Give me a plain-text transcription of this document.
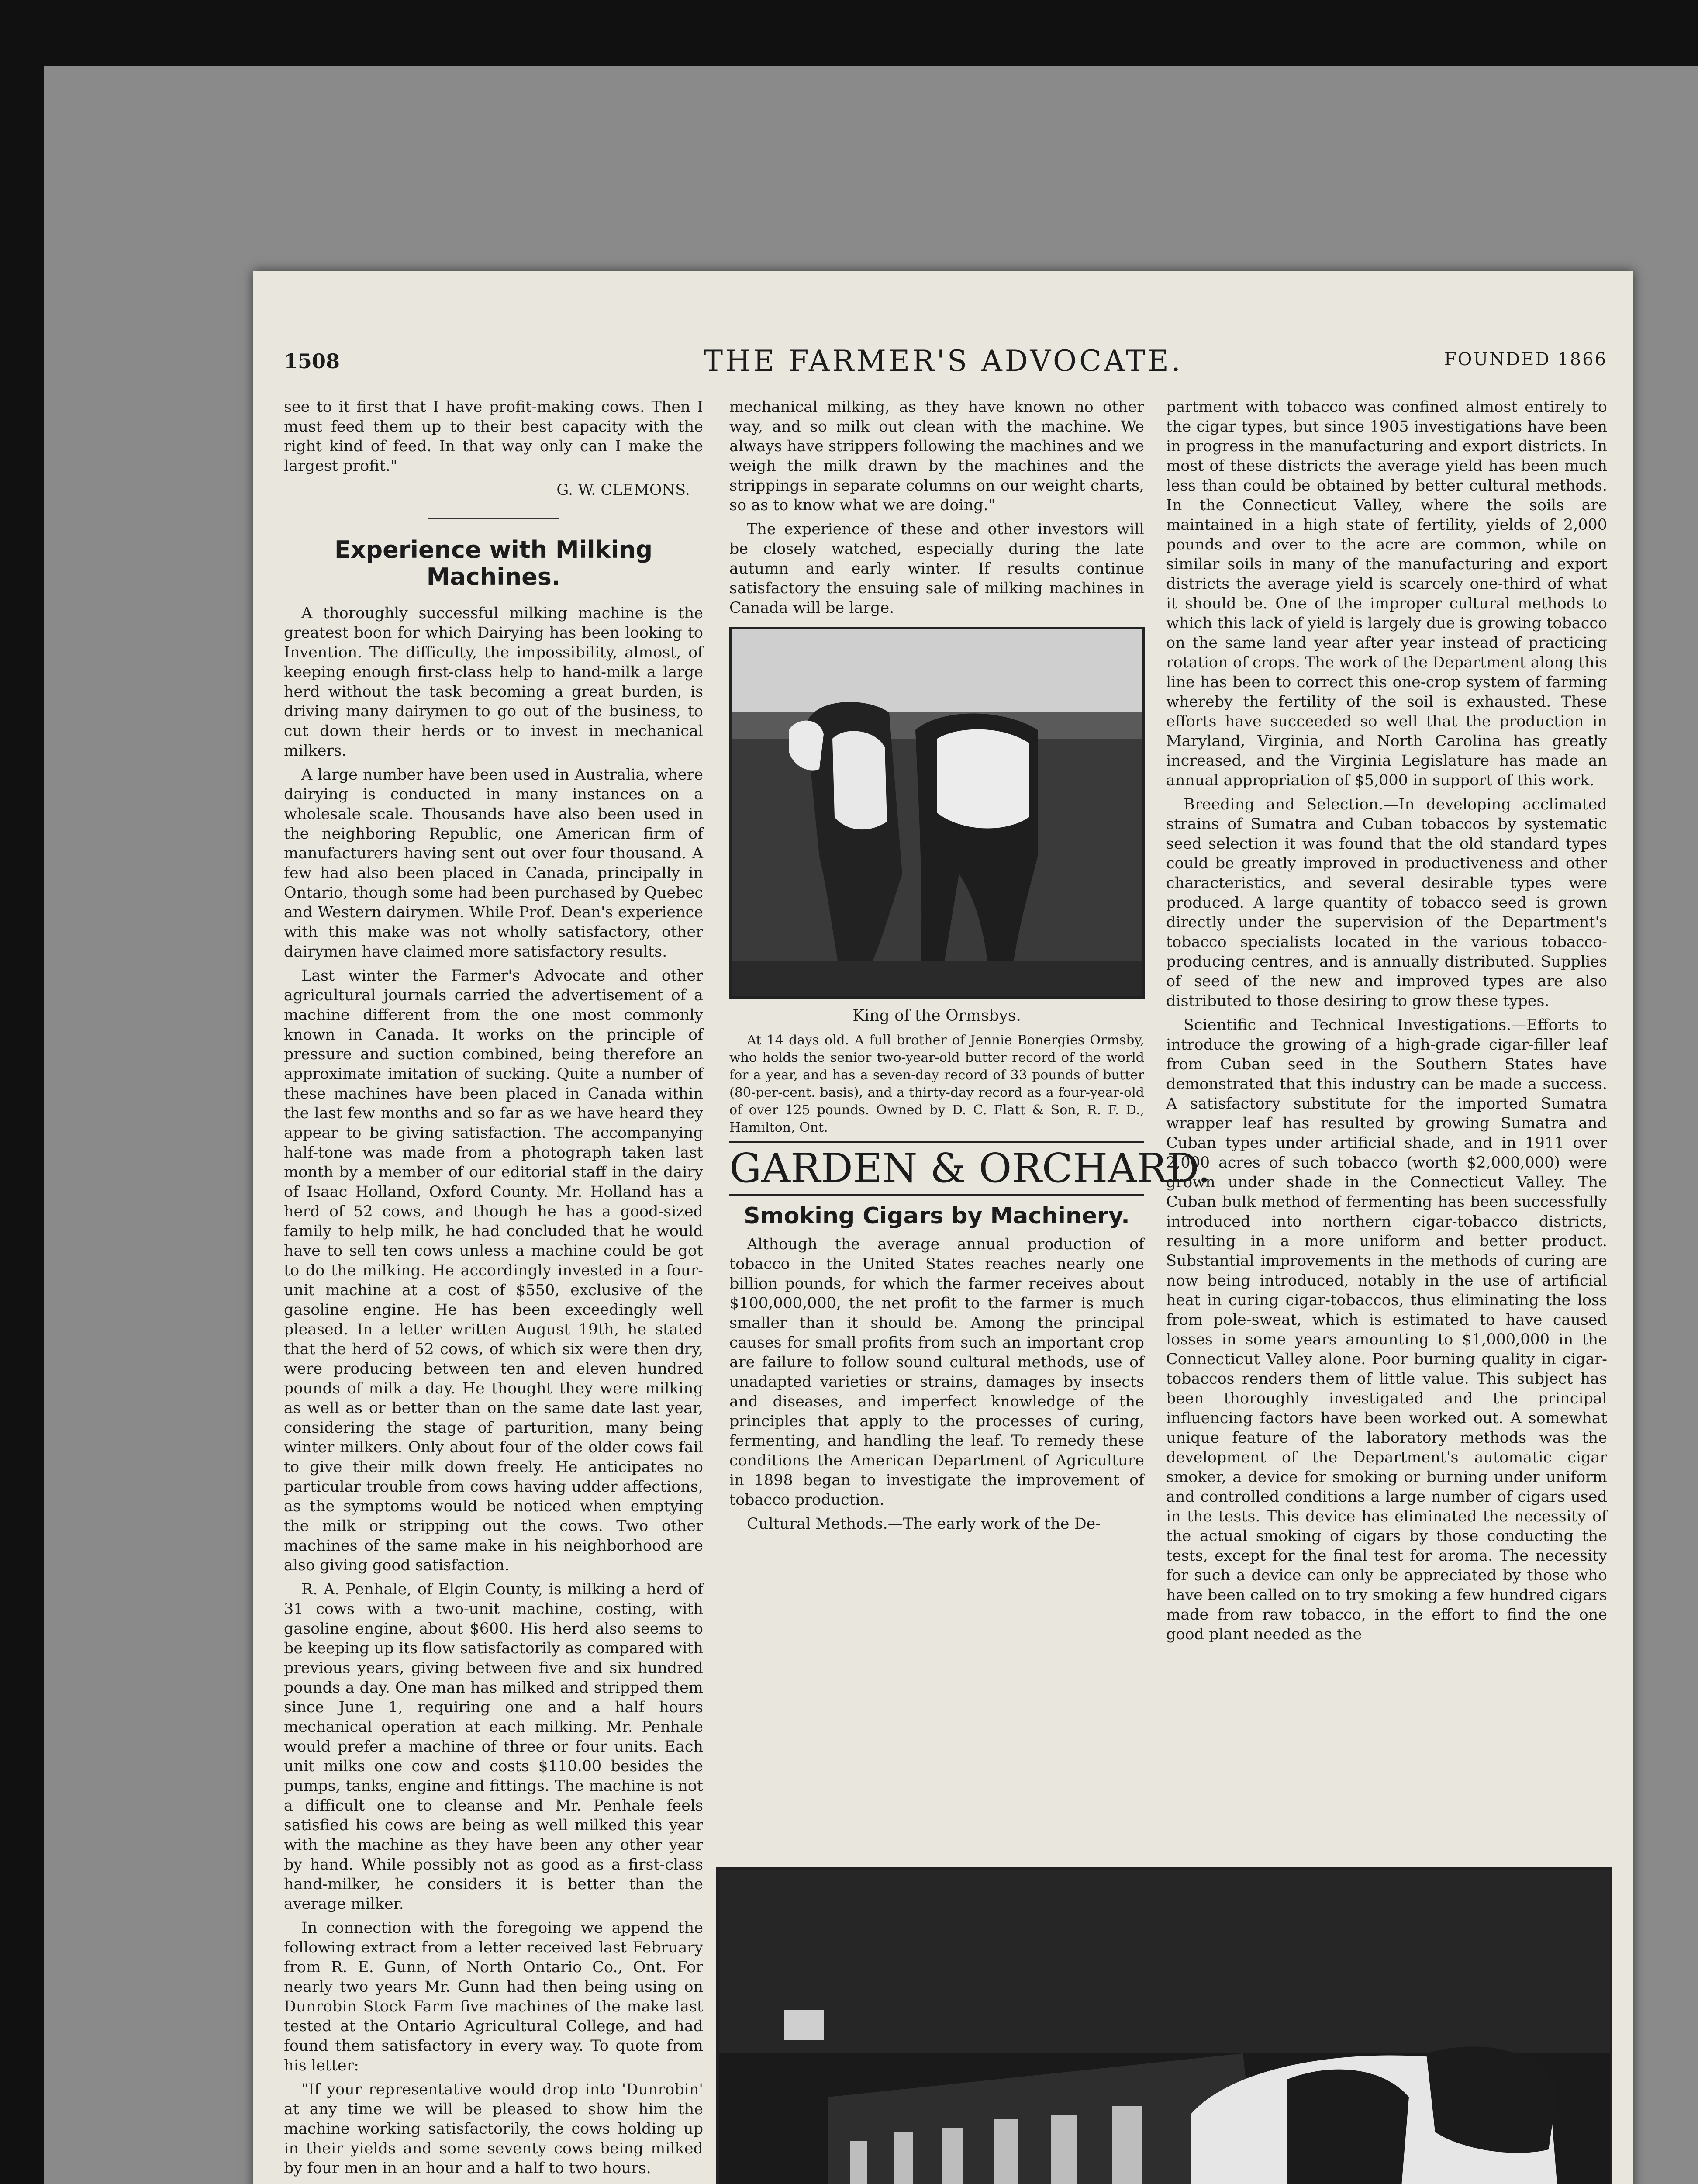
1508	THE FARMER'S ADVOCATE.	FOUNDED 1866

see to it first that I have profit-making cows. Then I must feed them up to their best capacity with the right kind of feed. In that way only can I make the largest profit."

G. W. CLEMONS.
Experience with Milking Machines.

A thoroughly successful milking machine is the greatest boon for which Dairying has been looking to Invention. The difficulty, the impossibility, almost, of keeping enough first-class help to hand-milk a large herd without the task becoming a great burden, is driving many dairymen to go out of the business, to cut down their herds or to invest in mechanical milkers.

A large number have been used in Australia, where dairying is conducted in many instances on a wholesale scale. Thousands have also been used in the neighboring Republic, one American firm of manufacturers having sent out over four thousand. A few had also been placed in Canada, principally in Ontario, though some had been purchased by Quebec and Western dairymen. While Prof. Dean's experience with this make was not wholly satisfactory, other dairymen have claimed more satisfactory results.

Last winter the Farmer's Advocate and other agricultural journals carried the advertisement of a machine different from the one most commonly known in Canada. It works on the principle of pressure and suction combined, being therefore an approximate imitation of sucking. Quite a number of these machines have been placed in Canada within the last few months and so far as we have heard they appear to be giving satisfaction. The accompanying half-tone was made from a photograph taken last month by a member of our editorial staff in the dairy of Isaac Holland, Oxford County. Mr. Holland has a herd of 52 cows, and though he has a good-sized family to help milk, he had concluded that he would have to sell ten cows unless a machine could be got to do the milking. He accordingly invested in a four-unit machine at a cost of $550, exclusive of the gasoline engine. He has been exceedingly well pleased. In a letter written August 19th, he stated that the herd of 52 cows, of which six were then dry, were producing between ten and eleven hundred pounds of milk a day. He thought they were milking as well as or better than on the same date last year, considering the stage of parturition, many being winter milkers. Only about four of the older cows fail to give their milk down freely. He anticipates no particular trouble from cows having udder affections, as the symptoms would be noticed when emptying the milk or stripping out the cows. Two other machines of the same make in his neighborhood are also giving good satisfaction.

R. A. Penhale, of Elgin County, is milking a herd of 31 cows with a two-unit machine, costing, with gasoline engine, about $600. His herd also seems to be keeping up its flow satisfactorily as compared with previous years, giving between five and six hundred pounds a day. One man has milked and stripped them since June 1, requiring one and a half hours mechanical operation at each milking. Mr. Penhale would prefer a machine of three or four units. Each unit milks one cow and costs $110.00 besides the pumps, tanks, engine and fittings. The machine is not a difficult one to cleanse and Mr. Penhale feels satisfied his cows are being as well milked this year with the machine as they have been any other year by hand. While possibly not as good as a first-class hand-milker, he considers it is better than the average milker.

In connection with the foregoing we append the following extract from a letter received last February from R. E. Gunn, of North Ontario Co., Ont. For nearly two years Mr. Gunn had then being using on Dunrobin Stock Farm five machines of the make last tested at the Ontario Agricultural College, and had found them satisfactory in every way. To quote from his letter:

"If your representative would drop into 'Dunrobin' at any time we will be pleased to show him the machine working satisfactorily, the cows holding up in their yields and some seventy cows being milked by four men in an hour and a half to two hours.

mechanical milking, as they have known no other way, and so milk out clean with the machine. We always have strippers following the machines and we weigh the milk drawn by the machines and the strippings in separate columns on our weight charts, so as to know what we are doing."

The experience of these and other investors will be closely watched, especially during the late autumn and early winter. If results continue satisfactory the ensuing sale of milking machines in Canada will be large.

King of the Ormsbys.

At 14 days old. A full brother of Jennie Bonergies Ormsby, who holds the senior two-year-old butter record of the world for a year, and has a seven-day record of 33 pounds of butter (80-per-cent. basis), and a thirty-day record as a four-year-old of over 125 pounds. Owned by D. C. Flatt & Son, R. F. D., Hamilton, Ont.

GARDEN & ORCHARD.
Smoking Cigars by Machinery.

Although the average annual production of tobacco in the United States reaches nearly one billion pounds, for which the farmer receives about $100,000,000, the net profit to the farmer is much smaller than it should be. Among the principal causes for small profits from such an important crop are failure to follow sound cultural methods, use of unadapted varieties or strains, damages by insects and diseases, and imperfect knowledge of the principles that apply to the processes of curing, fermenting, and handling the leaf. To remedy these conditions the American Department of Agriculture in 1898 began to investigate the improvement of tobacco production.

Cultural Methods.—The early work of the De-

partment with tobacco was confined almost entirely to the cigar types, but since 1905 investigations have been in progress in the manufacturing and export districts. In most of these districts the average yield has been much less than could be obtained by better cultural methods. In the Connecticut Valley, where the soils are maintained in a high state of fertility, yields of 2,000 pounds and over to the acre are common, while on similar soils in many of the manufacturing and export districts the average yield is scarcely one-third of what it should be. One of the improper cultural methods to which this lack of yield is largely due is growing tobacco on the same land year after year instead of practicing rotation of crops. The work of the Department along this line has been to correct this one-crop system of farming whereby the fertility of the soil is exhausted. These efforts have succeeded so well that the production in Maryland, Virginia, and North Carolina has greatly increased, and the Virginia Legislature has made an annual appropriation of $5,000 in support of this work.

Breeding and Selection.—In developing acclimated strains of Sumatra and Cuban tobaccos by systematic seed selection it was found that the old standard types could be greatly improved in productiveness and other characteristics, and several desirable types were produced. A large quantity of tobacco seed is grown directly under the supervision of the Department's tobacco specialists located in the various tobacco-producing centres, and is annually distributed. Supplies of seed of the new and improved types are also distributed to those desiring to grow these types.

Scientific and Technical Investigations.—Efforts to introduce the growing of a high-grade cigar-filler leaf from Cuban seed in the Southern States have demonstrated that this industry can be made a success. A satisfactory substitute for the imported Sumatra wrapper leaf has resulted by growing Sumatra and Cuban types under artificial shade, and in 1911 over 2,000 acres of such tobacco (worth $2,000,000) were grown under shade in the Connecticut Valley. The Cuban bulk method of fermenting has been successfully introduced into northern cigar-tobacco districts, resulting in a more uniform and better product. Substantial improvements in the methods of curing are now being introduced, notably in the use of artificial heat in curing cigar-tobaccos, thus eliminating the loss from pole-sweat, which is estimated to have caused losses in some years amounting to $1,000,000 in the Connecticut Valley alone. Poor burning quality in cigar-tobaccos renders them of little value. This subject has been thoroughly investigated and the principal influencing factors have been worked out. A somewhat unique feature of the laboratory methods was the development of the Department's automatic cigar smoker, a device for smoking or burning under uniform and controlled conditions a large number of cigars used in the tests. This device has eliminated the necessity of the actual smoking of cigars by those conducting the tests, except for the final test for aroma. The necessity for such a device can only be appreciated by those who have been called on to try smoking a few hundred cigars made from raw tobacco, in the effort to find the one good plant needed as the
